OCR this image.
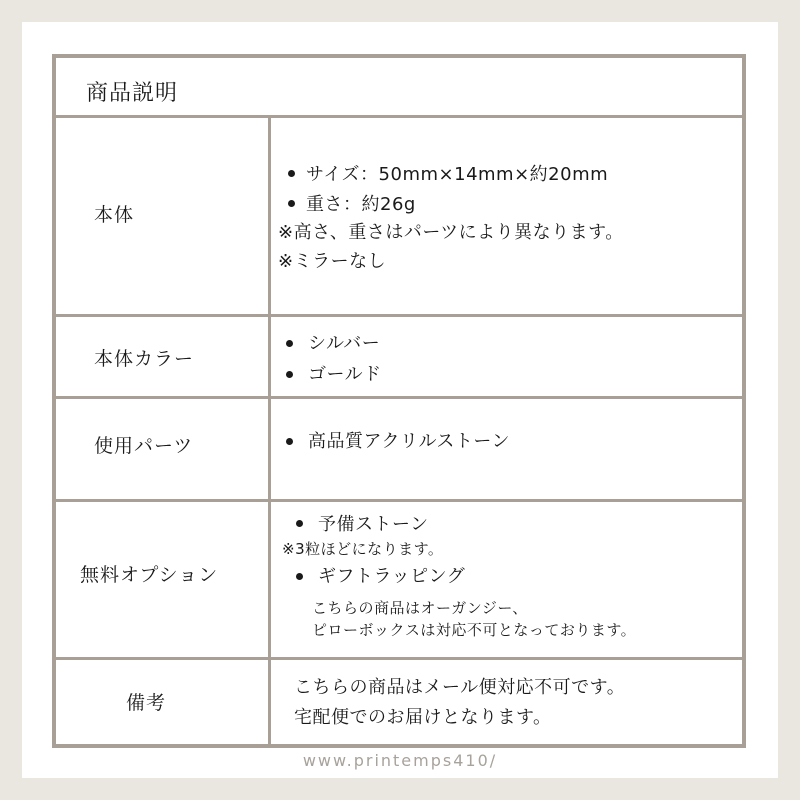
商品説明
本体
サイズ：50mm×14mm×約20mm
重さ：約26g
※高さ、重さはパーツにより異なります。
※ミラーなし
本体カラー
シルバー
ゴールド
使用パーツ	高品質アクリルストーン
無料オプション
予備ストーン
※3粒ほどになります。
ギフトラッピング
こちらの商品はオーガンジー、
ピローボックスは対応不可となっております。
備考
こちらの商品はメール便対応不可です。
宅配便でのお届けとなります。
www.printemps410/
